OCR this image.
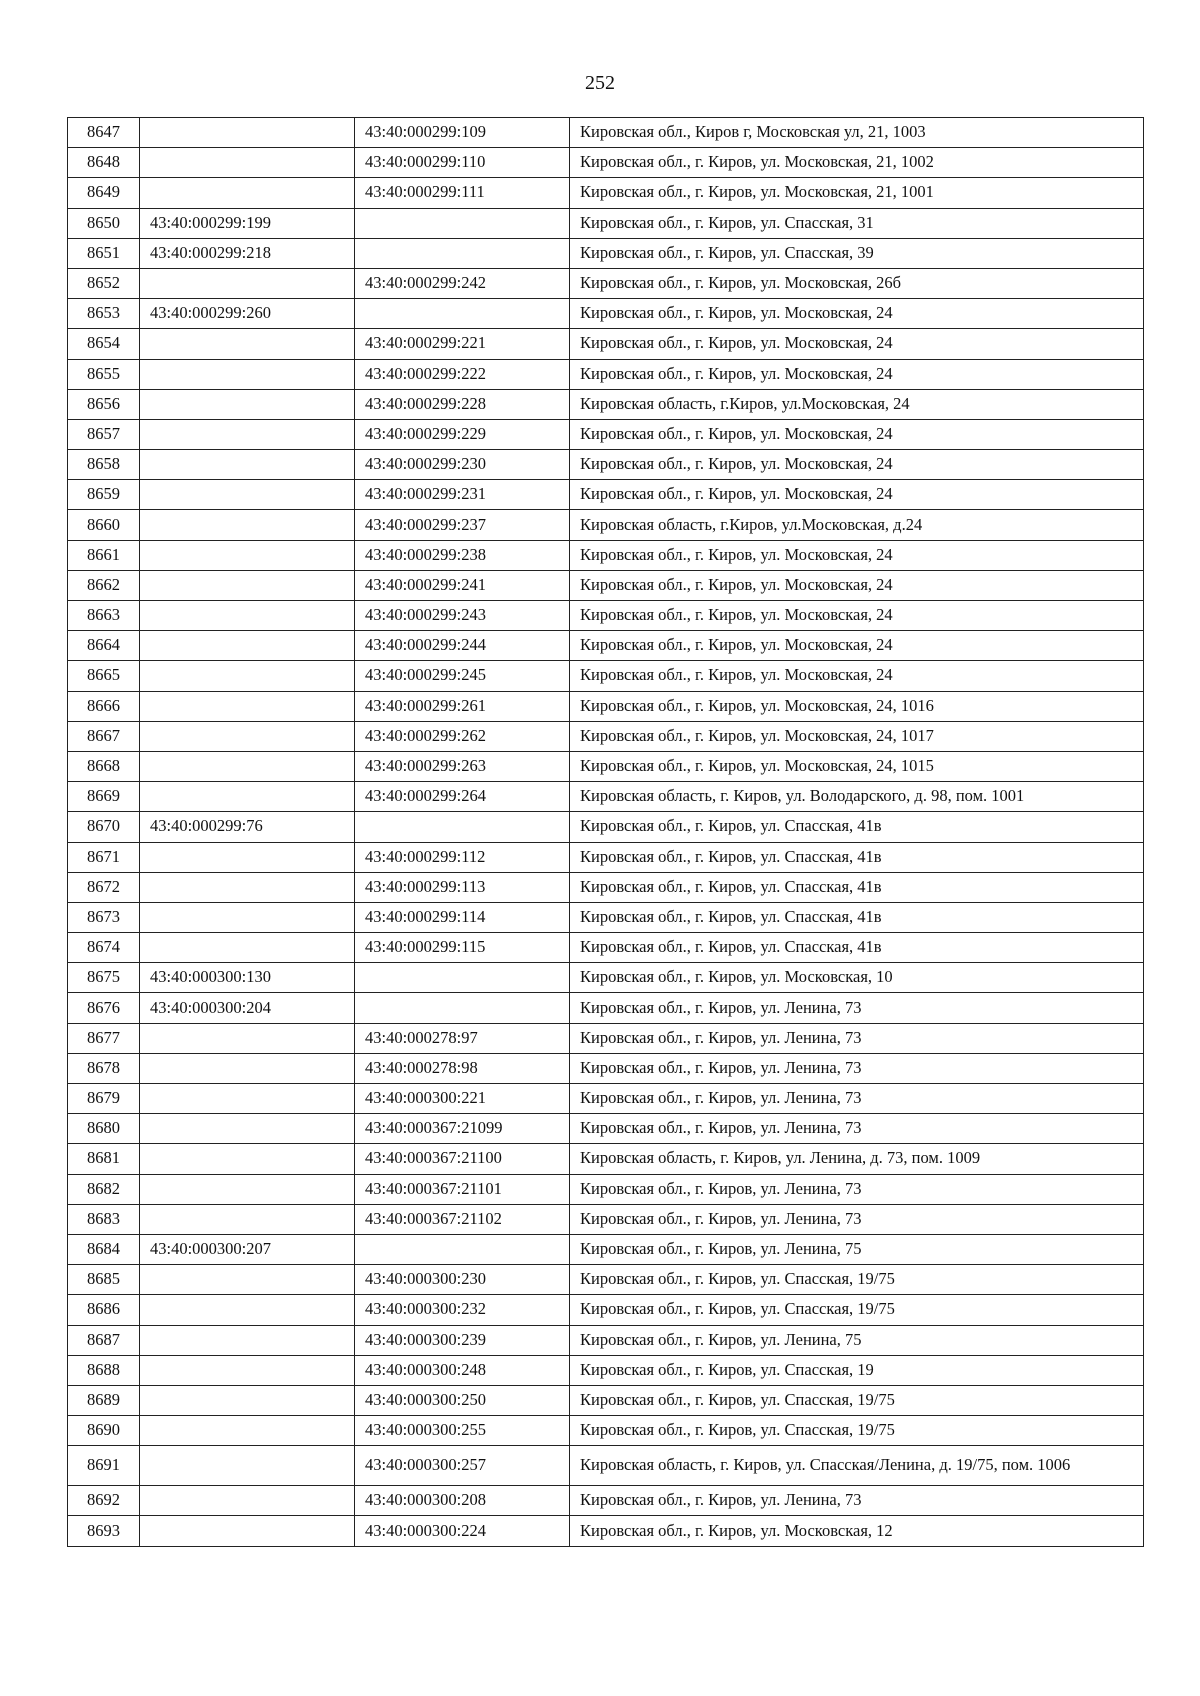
252
8647		43:40:000299:109	Кировская обл., Киров г, Московская ул, 21, 1003
8648		43:40:000299:110	Кировская обл., г. Киров, ул. Московская, 21, 1002
8649		43:40:000299:111	Кировская обл., г. Киров, ул. Московская, 21, 1001
8650	43:40:000299:199		Кировская обл., г. Киров, ул. Спасская, 31
8651	43:40:000299:218		Кировская обл., г. Киров, ул. Спасская, 39
8652		43:40:000299:242	Кировская обл., г. Киров, ул. Московская, 26б
8653	43:40:000299:260		Кировская обл., г. Киров, ул. Московская, 24
8654		43:40:000299:221	Кировская обл., г. Киров, ул. Московская, 24
8655		43:40:000299:222	Кировская обл., г. Киров, ул. Московская, 24
8656		43:40:000299:228	Кировская область, г.Киров, ул.Московская, 24
8657		43:40:000299:229	Кировская обл., г. Киров, ул. Московская, 24
8658		43:40:000299:230	Кировская обл., г. Киров, ул. Московская, 24
8659		43:40:000299:231	Кировская обл., г. Киров, ул. Московская, 24
8660		43:40:000299:237	Кировская область, г.Киров, ул.Московская, д.24
8661		43:40:000299:238	Кировская обл., г. Киров, ул. Московская, 24
8662		43:40:000299:241	Кировская обл., г. Киров, ул. Московская, 24
8663		43:40:000299:243	Кировская обл., г. Киров, ул. Московская, 24
8664		43:40:000299:244	Кировская обл., г. Киров, ул. Московская, 24
8665		43:40:000299:245	Кировская обл., г. Киров, ул. Московская, 24
8666		43:40:000299:261	Кировская обл., г. Киров, ул. Московская, 24, 1016
8667		43:40:000299:262	Кировская обл., г. Киров, ул. Московская, 24, 1017
8668		43:40:000299:263	Кировская обл., г. Киров, ул. Московская, 24, 1015
8669		43:40:000299:264	Кировская область, г. Киров, ул. Володарского, д. 98, пом. 1001
8670	43:40:000299:76		Кировская обл., г. Киров, ул. Спасская, 41в
8671		43:40:000299:112	Кировская обл., г. Киров, ул. Спасская, 41в
8672		43:40:000299:113	Кировская обл., г. Киров, ул. Спасская, 41в
8673		43:40:000299:114	Кировская обл., г. Киров, ул. Спасская, 41в
8674		43:40:000299:115	Кировская обл., г. Киров, ул. Спасская, 41в
8675	43:40:000300:130		Кировская обл., г. Киров, ул. Московская, 10
8676	43:40:000300:204		Кировская обл., г. Киров, ул. Ленина, 73
8677		43:40:000278:97	Кировская обл., г. Киров, ул. Ленина, 73
8678		43:40:000278:98	Кировская обл., г. Киров, ул. Ленина, 73
8679		43:40:000300:221	Кировская обл., г. Киров, ул. Ленина, 73
8680		43:40:000367:21099	Кировская обл., г. Киров, ул. Ленина, 73
8681		43:40:000367:21100	Кировская область, г. Киров, ул. Ленина, д. 73, пом. 1009
8682		43:40:000367:21101	Кировская обл., г. Киров, ул. Ленина, 73
8683		43:40:000367:21102	Кировская обл., г. Киров, ул. Ленина, 73
8684	43:40:000300:207		Кировская обл., г. Киров, ул. Ленина, 75
8685		43:40:000300:230	Кировская обл., г. Киров, ул. Спасская, 19/75
8686		43:40:000300:232	Кировская обл., г. Киров, ул. Спасская, 19/75
8687		43:40:000300:239	Кировская обл., г. Киров, ул. Ленина, 75
8688		43:40:000300:248	Кировская обл., г. Киров, ул. Спасская, 19
8689		43:40:000300:250	Кировская обл., г. Киров, ул. Спасская, 19/75
8690		43:40:000300:255	Кировская обл., г. Киров, ул. Спасская, 19/75
8691		43:40:000300:257	Кировская область, г. Киров, ул. Спасская/Ленина, д. 19/75, пом. 1006
8692		43:40:000300:208	Кировская обл., г. Киров, ул. Ленина, 73
8693		43:40:000300:224	Кировская обл., г. Киров, ул. Московская, 12
